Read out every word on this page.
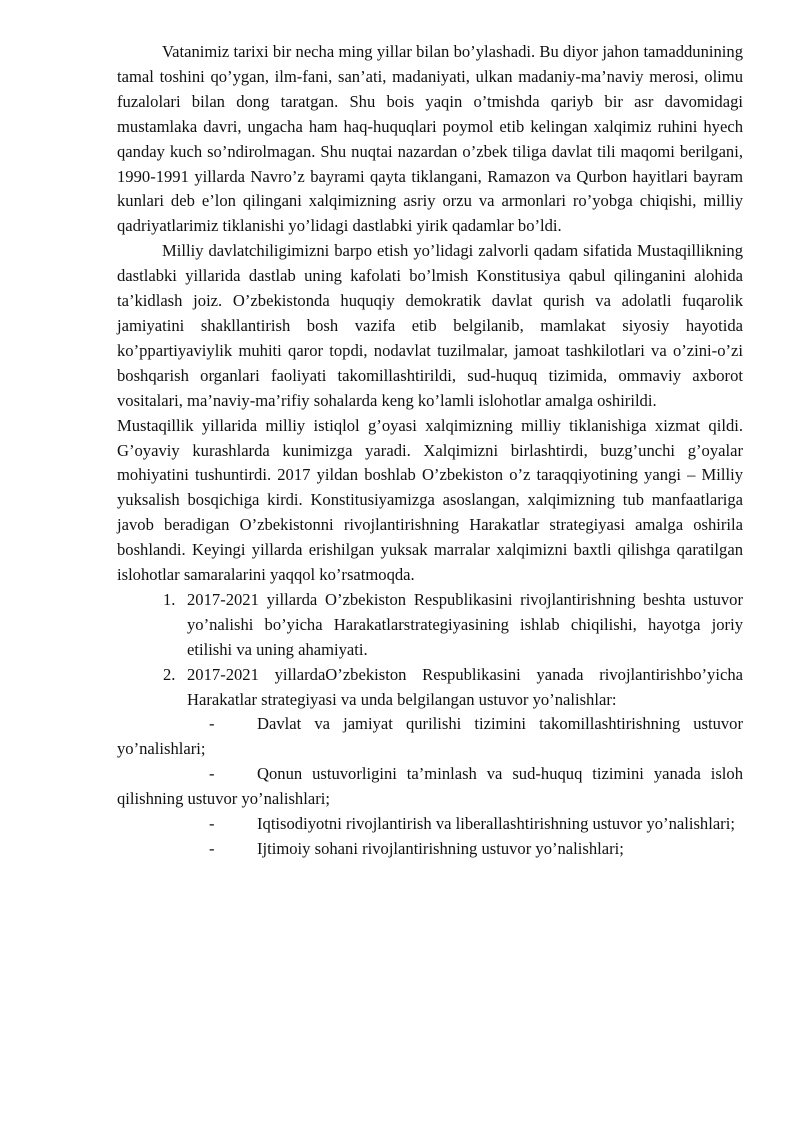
Vatanimiz tarixi bir necha ming yillar bilan bo’ylashadi. Bu diyor jahon tamaddunining tamal toshini qo’ygan, ilm-fani, san’ati, madaniyati, ulkan madaniy-ma’naviy merosi, olimu fuzalolari bilan dong taratgan. Shu bois yaqin o’tmishda qariyb bir asr davomidagi mustamlaka davri, ungacha ham haq-huquqlari poymol etib kelingan xalqimiz ruhini hyech qanday kuch so’ndirolmagan. Shu nuqtai nazardan o’zbek tiliga davlat tili maqomi berilgani, 1990-1991 yillarda Navro’z bayrami qayta tiklangani, Ramazon va Qurbon hayitlari bayram kunlari deb e’lon qilingani xalqimizning asriy orzu va armonlari ro’yobga chiqishi, milliy qadriyatlarimiz tiklanishi yo’lidagi dastlabki yirik qadamlar bo’ldi.

Milliy davlatchiligimizni barpo etish yo’lidagi zalvorli qadam sifatida Mustaqillikning dastlabki yillarida dastlab uning kafolati bo’lmish Konstitusiya qabul qilinganini alohida ta’kidlash joiz. O’zbekistonda huquqiy demokratik davlat qurish va adolatli fuqarolik jamiyatini shakllantirish bosh vazifa etib belgilanib, mamlakat siyosiy hayotida ko’ppartiyaviylik muhiti qaror topdi, nodavlat tuzilmalar, jamoat tashkilotlari va o’zini-o’zi boshqarish organlari faoliyati takomillashtirildi, sud-huquq tizimida, ommaviy axborot vositalari, ma’naviy-ma’rifiy sohalarda keng ko’lamli islohotlar amalga oshirildi.

Mustaqillik yillarida milliy istiqlol g’oyasi xalqimizning milliy tiklanishiga xizmat qildi. G’oyaviy kurashlarda kunimizga yaradi. Xalqimizni birlashtirdi, buzg’unchi g’oyalar mohiyatini tushuntirdi. 2017 yildan boshlab O’zbekiston o’z taraqqiyotining yangi – Milliy yuksalish bosqichiga kirdi. Konstitusiyamizga asoslangan, xalqimizning tub manfaatlariga javob beradigan O’zbekistonni rivojlantirishning Harakatlar strategiyasi amalga oshirila boshlandi. Keyingi yillarda erishilgan yuksak marralar xalqimizni baxtli qilishga qaratilgan islohotlar samaralarini yaqqol ko’rsatmoqda.

1. 2017-2021 yillarda O’zbekiston Respublikasini rivojlantirishning beshta ustuvor yo’nalishi bo’yicha Harakatlarstrategiyasining ishlab chiqilishi, hayotga joriy etilishi va uning ahamiyati.
2. 2017-2021 yillardaO’zbekiston Respublikasini yanada rivojlantirishbo’yicha Harakatlar strategiyasi va unda belgilangan ustuvor yo’nalishlar:

-	Davlat va jamiyat qurilishi tizimini takomillashtirishning ustuvor yo’nalishlari;

-	Qonun ustuvorligini ta’minlash va sud-huquq tizimini yanada isloh qilishning ustuvor yo’nalishlari;

-	Iqtisodiyotni rivojlantirish va liberallashtirishning ustuvor yo’nalishlari;

-	Ijtimoiy sohani rivojlantirishning ustuvor yo’nalishlari;
